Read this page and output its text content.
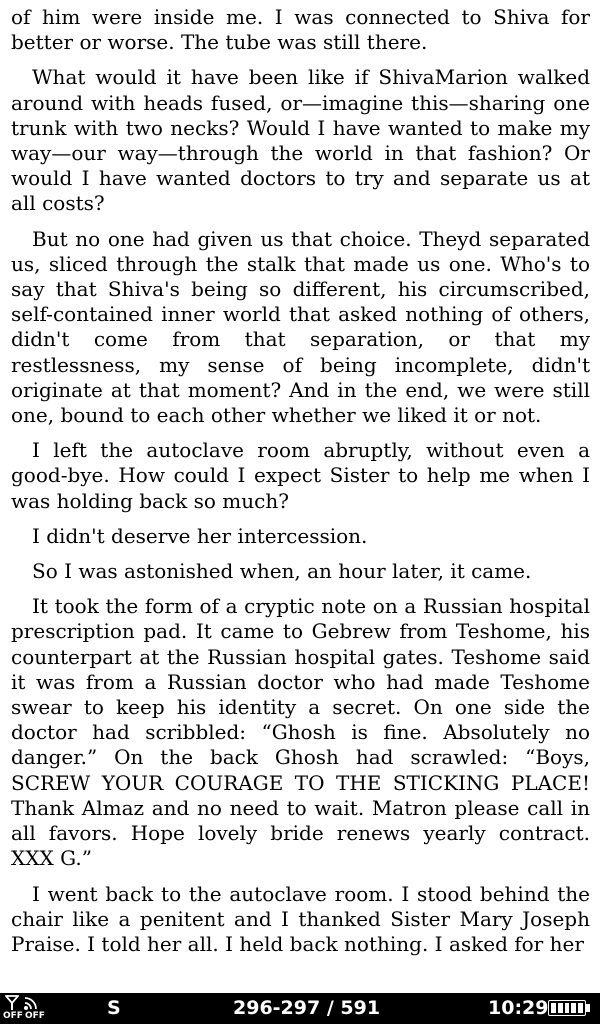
of him were inside me. I was connected to Shiva for better or worse. The tube was still there.

What would it have been like if ShivaMarion walked around with heads fused, or—imagine this—sharing one trunk with two necks? Would I have wanted to make my way—our way—through the world in that fashion? Or would I have wanted doctors to try and separate us at all costs?

But no one had given us that choice. Theyd separated us, sliced through the stalk that made us one. Who's to say that Shiva's being so different, his circumscribed, self-contained inner world that asked nothing of others, didn't come from that separation, or that my restlessness, my sense of being incomplete, didn't originate at that moment? And in the end, we were still one, bound to each other whether we liked it or not.

I left the autoclave room abruptly, without even a good-bye. How could I expect Sister to help me when I was holding back so much?

I didn't deserve her intercession.

So I was astonished when, an hour later, it came.

It took the form of a cryptic note on a Russian hospital prescription pad. It came to Gebrew from Teshome, his counterpart at the Russian hospital gates. Teshome said it was from a Russian doctor who had made Teshome swear to keep his identity a secret. On one side the doctor had scribbled: “Ghosh is fine. Absolutely no danger.” On the back Ghosh had scrawled: “Boys, SCREW YOUR COURAGE TO THE STICKING PLACE! Thank Almaz and no need to wait. Matron please call in all favors. Hope lovely bride renews yearly contract. XXX G.”

I went back to the autoclave room. I stood behind the chair like a penitent and I thanked Sister Mary Joseph Praise. I told her all. I held back nothing. I asked for her

OFF OFF	S	296-297 / 591	10:29
